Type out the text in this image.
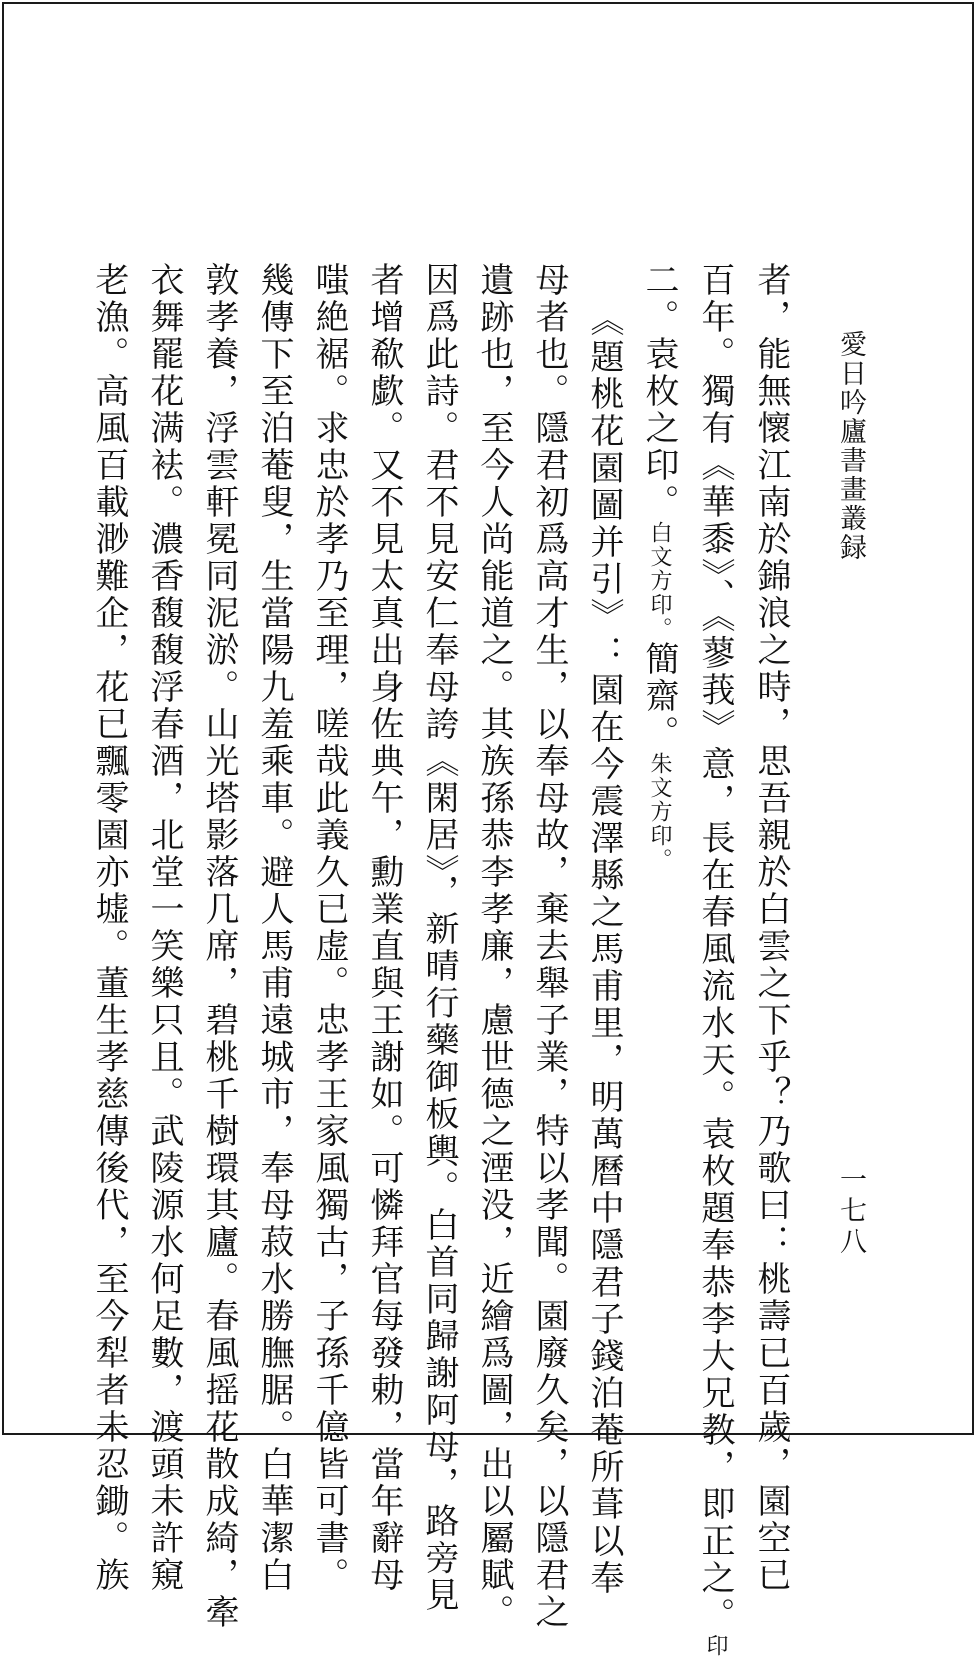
愛日吟廬書畫叢録
一七八
者，能無懷江南於錦浪之時，思吾親於白雲之下乎？乃歌曰：桃壽已百歲，園空已
百年。獨有《華黍》、《蓼莪》意，長在春風流水天。袁枚題奉恭李大兄教，即正之。印
二。袁枚之印。白文方印。簡齋。朱文方印。
《題桃花園圖并引》：園在今震澤縣之馬甫里，明萬曆中隱君子錢泊菴所葺以奉
母者也。隱君初爲高才生，以奉母故，棄去舉子業，特以孝聞。園廢久矣，以隱君之
遺跡也，至今人尚能道之。其族孫恭李孝廉，慮世德之湮没，近繪爲圖，出以屬賦。
因爲此詩。君不見安仁奉母誇《閑居》，新晴行藥御板輿。白首同歸謝阿母，路旁見
者增欷歔。又不見太真出身佐典午，勳業直與王謝如。可憐拜官每發勅，當年辭母
嗤絶裾。求忠於孝乃至理，嗟哉此義久已虚。忠孝王家風獨古，子孫千億皆可書。
幾傳下至泊菴叟，生當陽九羞乘車。避人馬甫遠城市，奉母菽水勝膴腒。白華潔白
敦孝養，浮雲軒冕同泥淤。山光塔影落几席，碧桃千樹環其廬。春風摇花散成綺，牽
衣舞罷花满袪。濃香馥馥浮春酒，北堂一笑樂只且。武陵源水何足數，渡頭未許窺
老漁。高風百載渺難企，花已飄零園亦墟。董生孝慈傳後代，至今犁者未忍鋤。族
